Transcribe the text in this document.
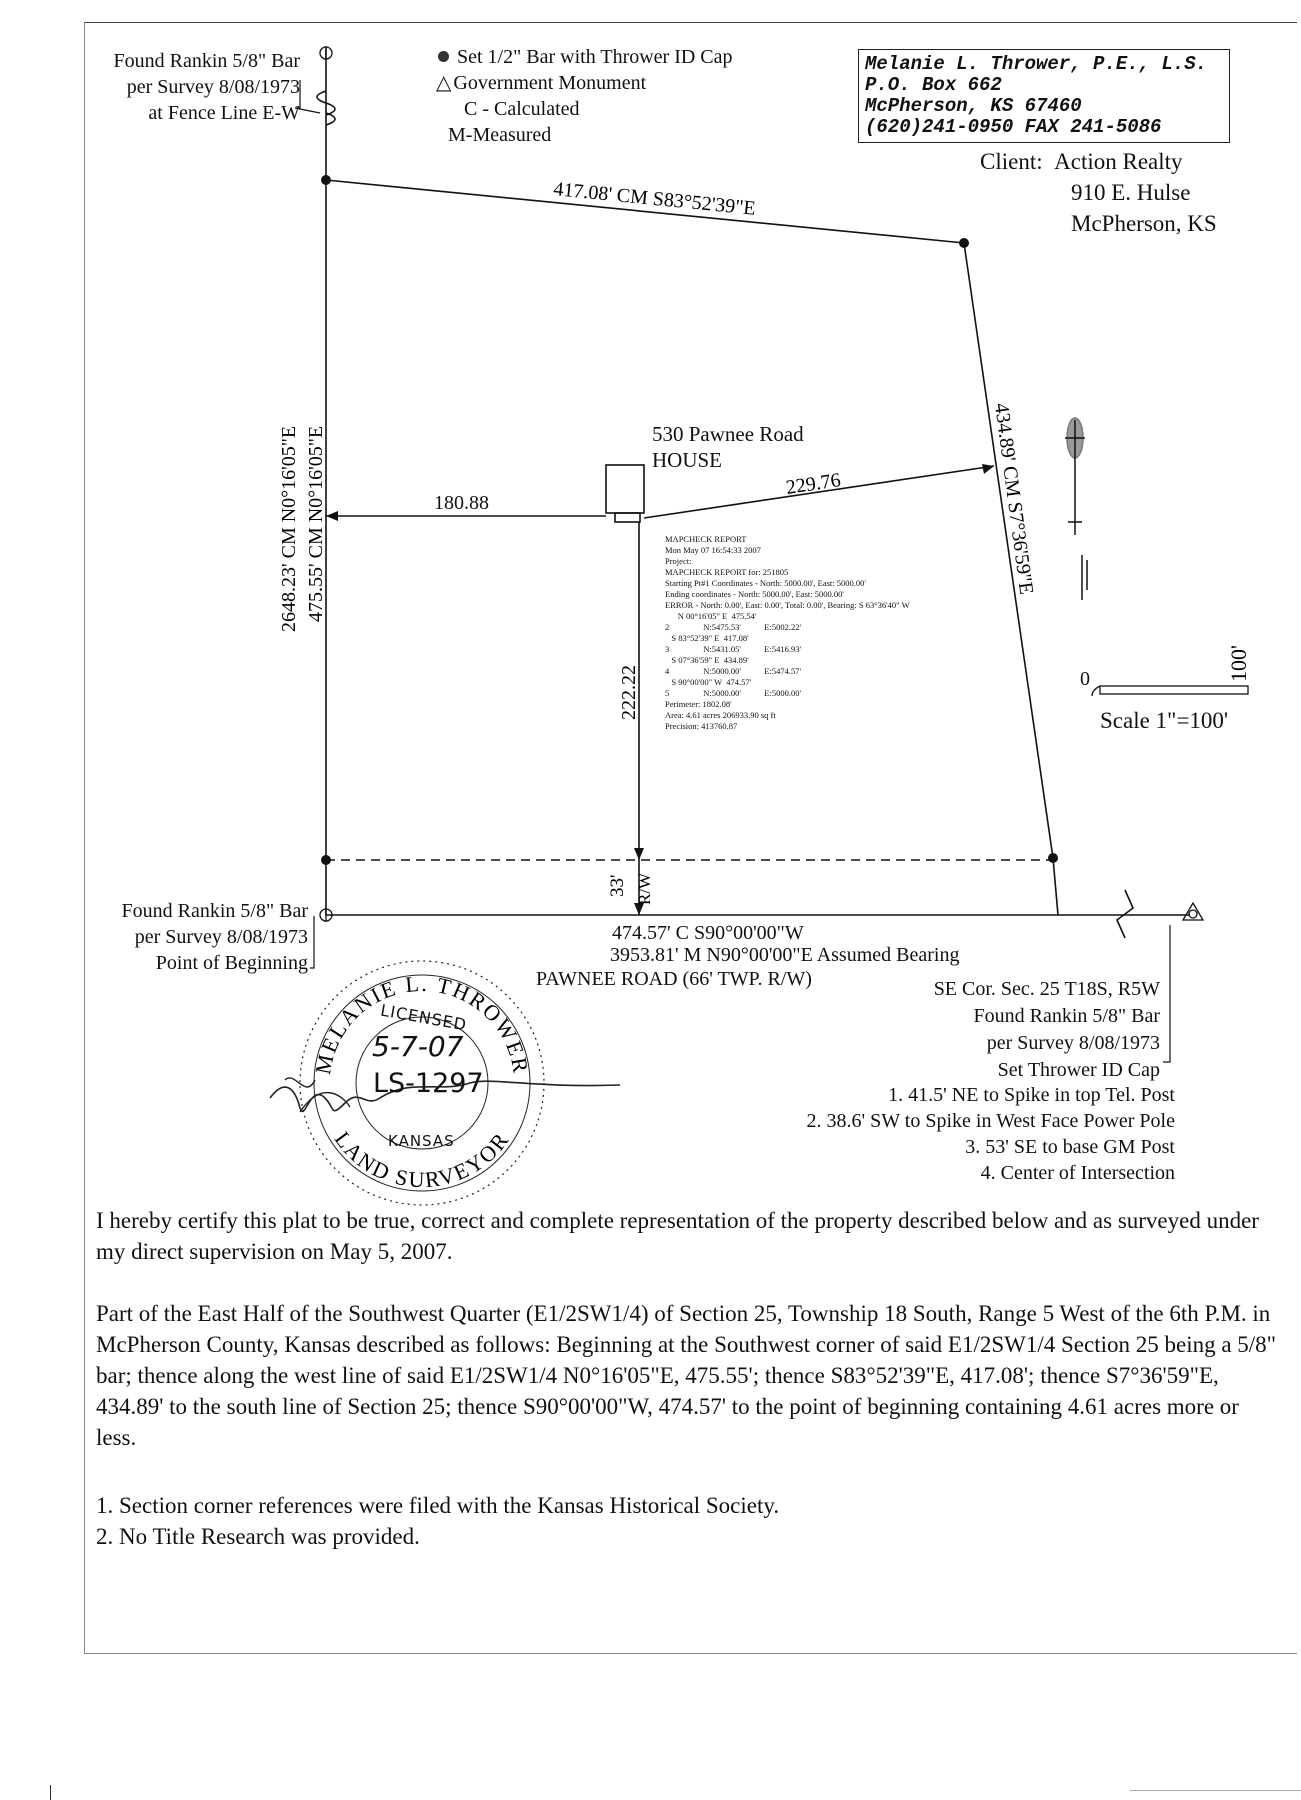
2648.23' CM N0°16'05"E 475.55' CM N0°16'05"E
417.08' CM S83°52'39"E
434.89' CM S7°36'59"E
229.76
222.22
33' R/W
100'
MELANIE L. THROWER
LAND SURVEYOR
Found Rankin 5/8" Bar
per Survey 8/08/1973
at Fence Line E-W
Set 1/2" Bar with Thrower ID Cap
△ Government Monument
C - Calculated
M-Measured
Melanie L. Thrower, P.E., L.S.
P.O. Box 662
McPherson, KS 67460
(620)241-0950 FAX 241-5086
Client: Action Realty
910 E. Hulse
McPherson, KS
530 Pawnee Road
HOUSE
180.88
MAPCHECK REPORT
Mon May 07 16:54:33 2007
Project:
MAPCHECK REPORT for: 251805
Starting Pt#1 Coordinates - North: 5000.00', East: 5000.00'
Ending coordinates - North: 5000.00', East: 5000.00'
ERROR - North: 0.00', East: 0.00', Total: 0.00', Bearing: S 63°36'40" W
N 00°16'05" E  475.54'
2                N:5475.53'           E:5002.22'
S 83°52'39" E  417.08'
3                N:5431.05'           E:5416.93'
S 07°36'59" E  434.89'
4                N:5000.00'           E:5474.57'
S 90°00'00" W  474.57'
5                N:5000.00'           E:5000.00'
Perimeter: 1802.08'
Area: 4.61 acres 206933.90 sq ft
Precision: 413760.87
0
Scale 1"=100'
Found Rankin 5/8" Bar
per Survey 8/08/1973
Point of Beginning
474.57' C S90°00'00"W
3953.81' M N90°00'00"E Assumed Bearing
PAWNEE ROAD (66' TWP. R/W)	SE Cor. Sec. 25 T18S, R5W
Found Rankin 5/8" Bar
per Survey 8/08/1973
Set Thrower ID Cap
1. 41.5' NE to Spike in top Tel. Post
2. 38.6' SW to Spike in West Face Power Pole
3. 53' SE to base GM Post
4. Center of Intersection
LICENSED
5-7-07
LS-1297
KANSAS
I hereby certify this plat to be true, correct and complete representation of the property described below and as surveyed under my direct supervision on May 5, 2007.
Part of the East Half of the Southwest Quarter (E1/2SW1/4) of Section 25, Township 18 South, Range 5 West of the 6th P.M. in McPherson County, Kansas described as follows: Beginning at the Southwest corner of said E1/2SW1/4 Section 25 being a 5/8" bar; thence along the west line of said E1/2SW1/4 N0°16'05"E, 475.55'; thence S83°52'39"E, 417.08'; thence S7°36'59"E, 434.89' to the south line of Section 25; thence S90°00'00"W, 474.57' to the point of beginning containing 4.61 acres more or less.
1. Section corner references were filed with the Kansas Historical Society.
2. No Title Research was provided.
